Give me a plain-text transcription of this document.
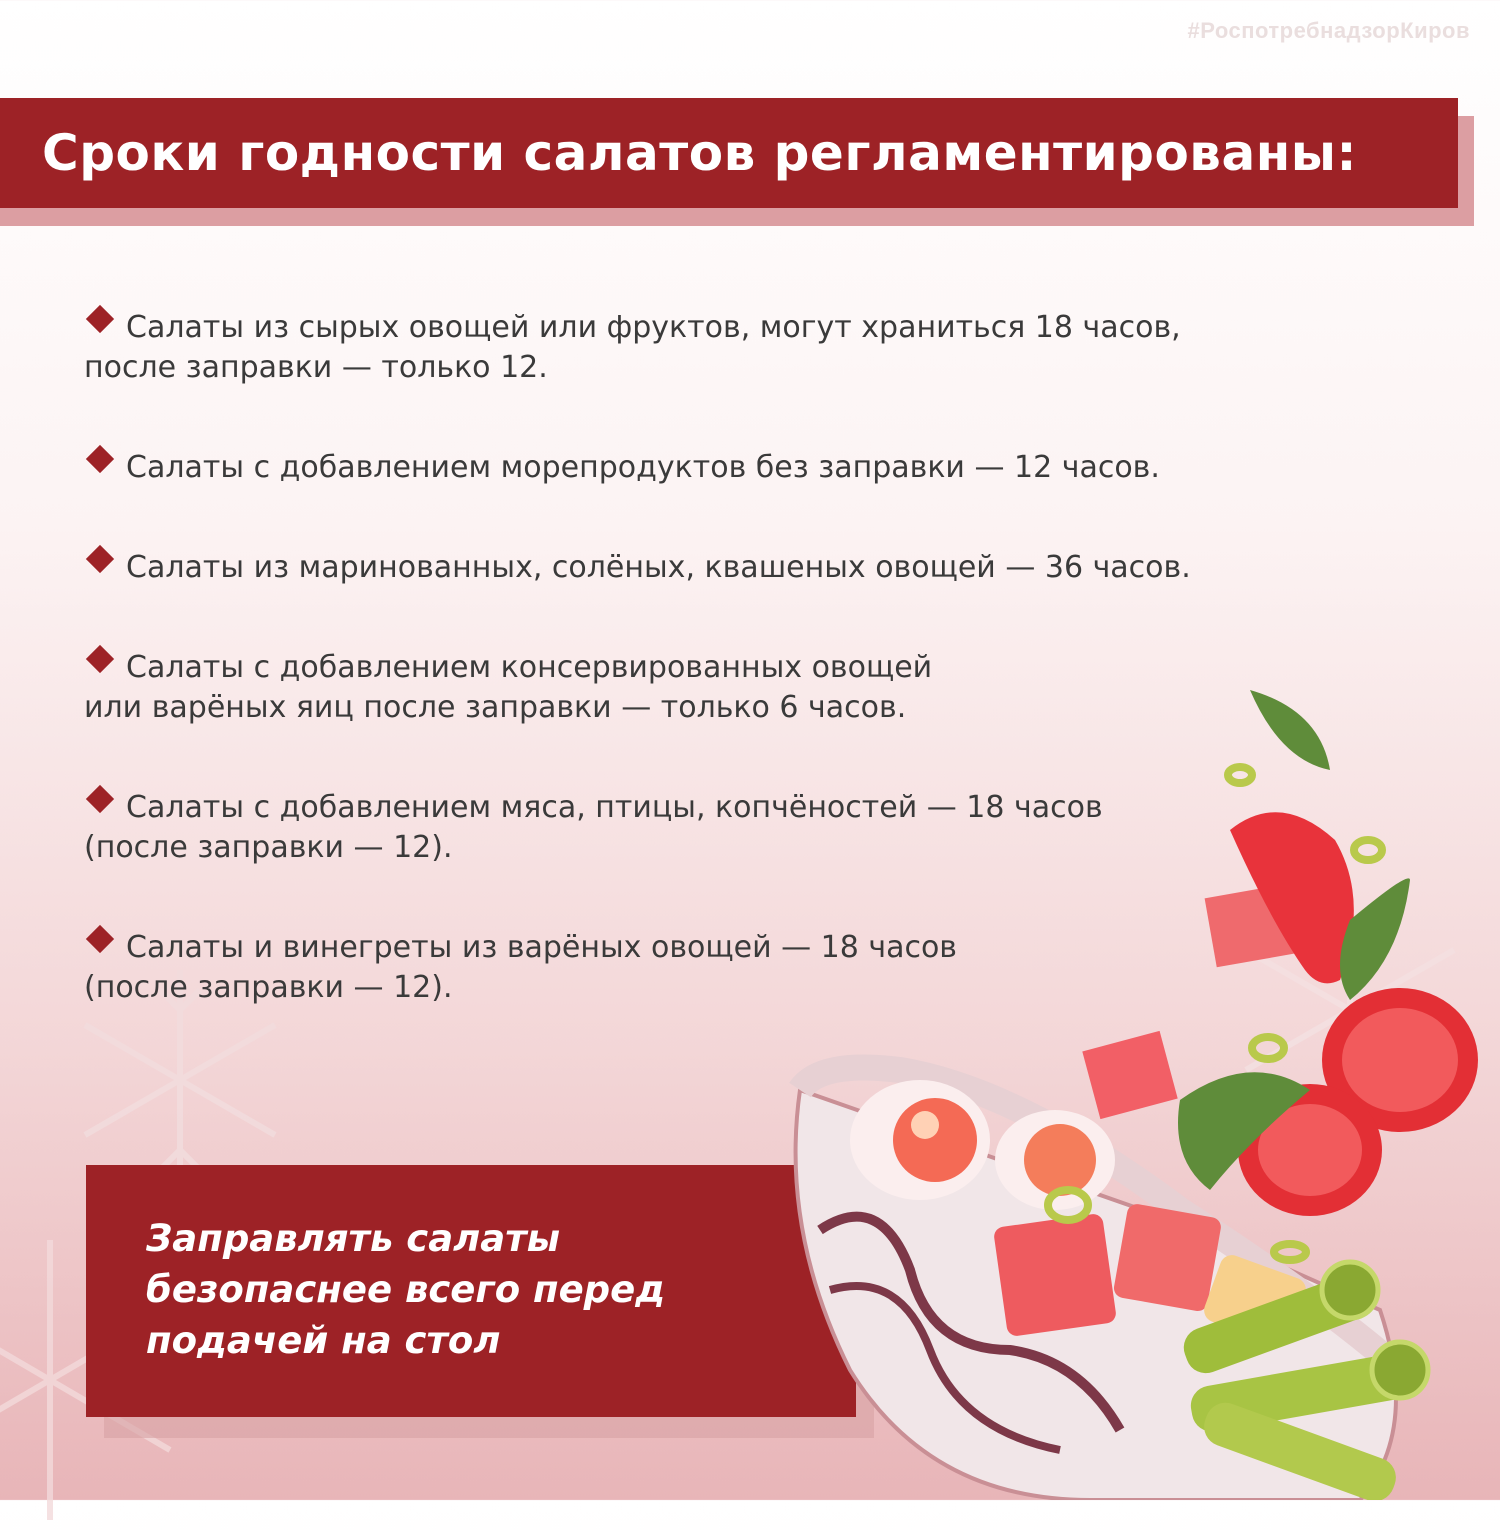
#РоспотребнадзорКиров
Сроки годности салатов регламентированы:
Салаты из сырых овощей или фруктов, могут храниться 18 часов,
после заправки — только 12.
Салаты с добавлением морепродуктов без заправки — 12 часов.
Салаты из маринованных, солёных, квашеных овощей — 36 часов.
Салаты с добавлением консервированных овощей
или варёных яиц после заправки — только 6 часов.
Салаты с добавлением мяса, птицы, копчёностей — 18 часов
(после заправки — 12).
Салаты и винегреты из варёных овощей — 18 часов
(после заправки — 12).
Заправлять салаты
безопаснее всего перед
подачей на стол
